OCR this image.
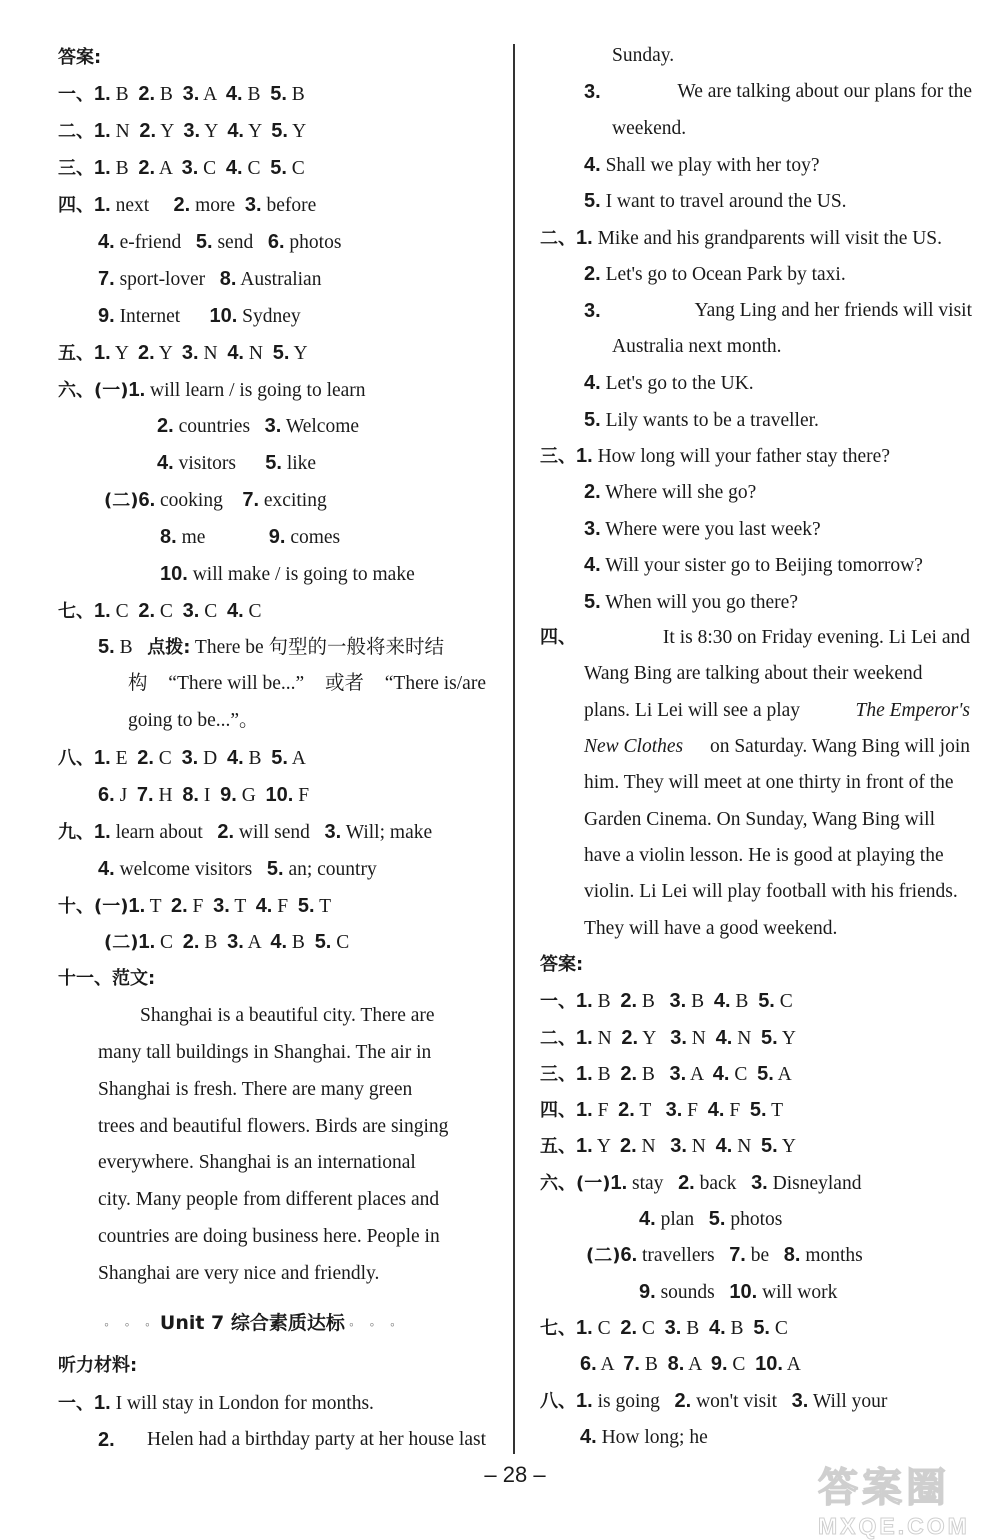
答案:
一、1. B  2. B  3. A  4. B  5. B
二、1. N  2. Y  3. Y  4. Y  5. Y
三、1. B  2. A  3. C  4. C  5. C
四、1. next     2. more  3. before
4. e-friend   5. send   6. photos
7. sport-lover   8. Australian
9. Internet      10. Sydney
五、1. Y  2. Y  3. N  4. N  5. Y
六、(一)1. will learn / is going to learn
2. countries   3. Welcome
4. visitors      5. like
(二)6. cooking    7. exciting
8. me             9. comes
10. will make / is going to make
七、1. C  2. C  3. C  4. C
5. B   点拨: There be 句型的一般将来时结
构 “There will be...” 或者 “There is/are
going to be...”。
八、1. E  2. C  3. D  4. B  5. A
6. J  7. H  8. I  9. G  10. F
九、1. learn about   2. will send   3. Will; make
4. welcome visitors   5. an; country
十、(一)1. T  2. F  3. T  4. F  5. T
(二)1. C  2. B  3. A  4. B  5. C
十一、范文:
Shanghai is a beautiful city. There are
many tall buildings in Shanghai. The air in
Shanghai is fresh. There are many green
trees and beautiful flowers. Birds are singing
everywhere. Shanghai is an international
city. Many people from different places and
countries are doing business here. People in
Shanghai are very nice and friendly.
听力材料:
一、1. I will stay in London for months.
2. Helen had a birthday party at her house last
Sunday.
3.	We are talking about our plans for the
weekend.
4. Shall we play with her toy?
5. I want to travel around the US.
二、1. Mike and his grandparents will visit the US.
2. Let's go to Ocean Park by taxi.
3.	Yang Ling and her friends will visit
Australia next month.
4. Let's go to the UK.
5. Lily wants to be a traveller.
三、1. How long will your father stay there?
2. Where will she go?
3. Where were you last week?
4. Will your sister go to Beijing tomorrow?
5. When will you go there?
四、	It is 8:30 on Friday evening. Li Lei and
Wang Bing are talking about their weekend
plans. Li Lei will see a play	The Emperor's
New Clothes on Saturday. Wang Bing will join
him. They will meet at one thirty in front of the
Garden Cinema. On Sunday, Wang Bing will
have a violin lesson. He is good at playing the
violin. Li Lei will play football with his friends.
They will have a good weekend.
答案:
一、1. B  2. B   3. B  4. B  5. C
二、1. N  2. Y   3. N  4. N  5. Y
三、1. B  2. B   3. A  4. C  5. A
四、1. F  2. T   3. F  4. F  5. T
五、1. Y  2. N   3. N  4. N  5. Y
六、(一)1. stay   2. back   3. Disneyland
4. plan   5. photos
(二)6. travellers   7. be   8. months
9. sounds   10. will work
七、1. C  2. C  3. B  4. B  5. C
6. A  7. B  8. A  9. C  10. A
八、1. is going   2. won't visit   3. Will your
4. How long; he
◦ ◦ ◦ Unit 7 综合素质达标 ◦ ◦ ◦
– 28 –	答案圈
MXQE.COM
